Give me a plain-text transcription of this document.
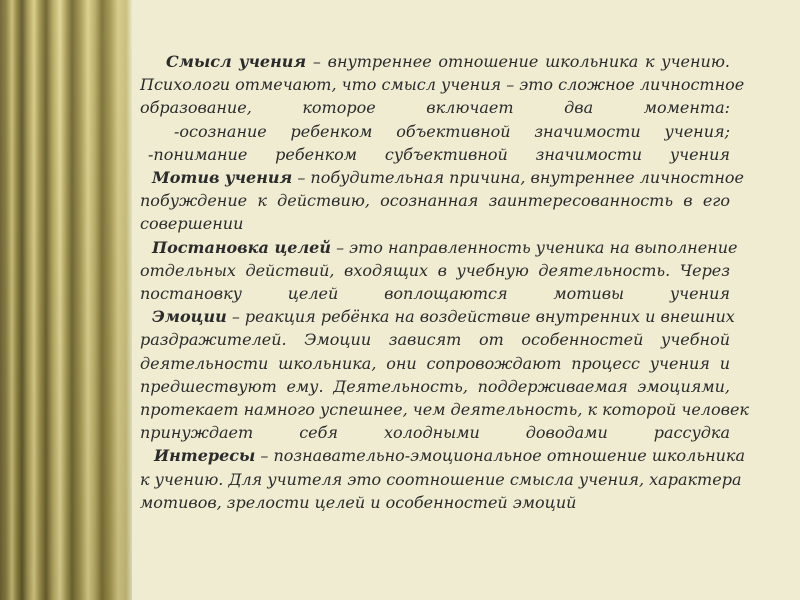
Смысл учения – внутреннее отношение школьника к учению.
Психологи отмечают, что смысл учения – это сложное личностное
образование, которое включает два момента:
-осознание ребенком объективной значимости учения;
-понимание ребенком субъективной значимости учения
Мотив учения – побудительная причина, внутреннее личностное
побуждение к действию, осознанная заинтересованность в его
совершении
Постановка целей – это направленность ученика на выполнение
отдельных действий, входящих в учебную деятельность. Через
постановку целей воплощаются мотивы учения
Эмоции – реакция ребёнка на воздействие внутренних и внешних
раздражителей. Эмоции зависят от особенностей учебной
деятельности школьника, они сопровождают процесс учения и
предшествуют ему. Деятельность, поддерживаемая эмоциями,
протекает намного успешнее, чем деятельность, к которой человек
принуждает себя холодными доводами рассудка
Интересы – познавательно-эмоциональное отношение школьника
к учению. Для учителя это соотношение смысла учения, характера
мотивов, зрелости целей и особенностей эмоций
